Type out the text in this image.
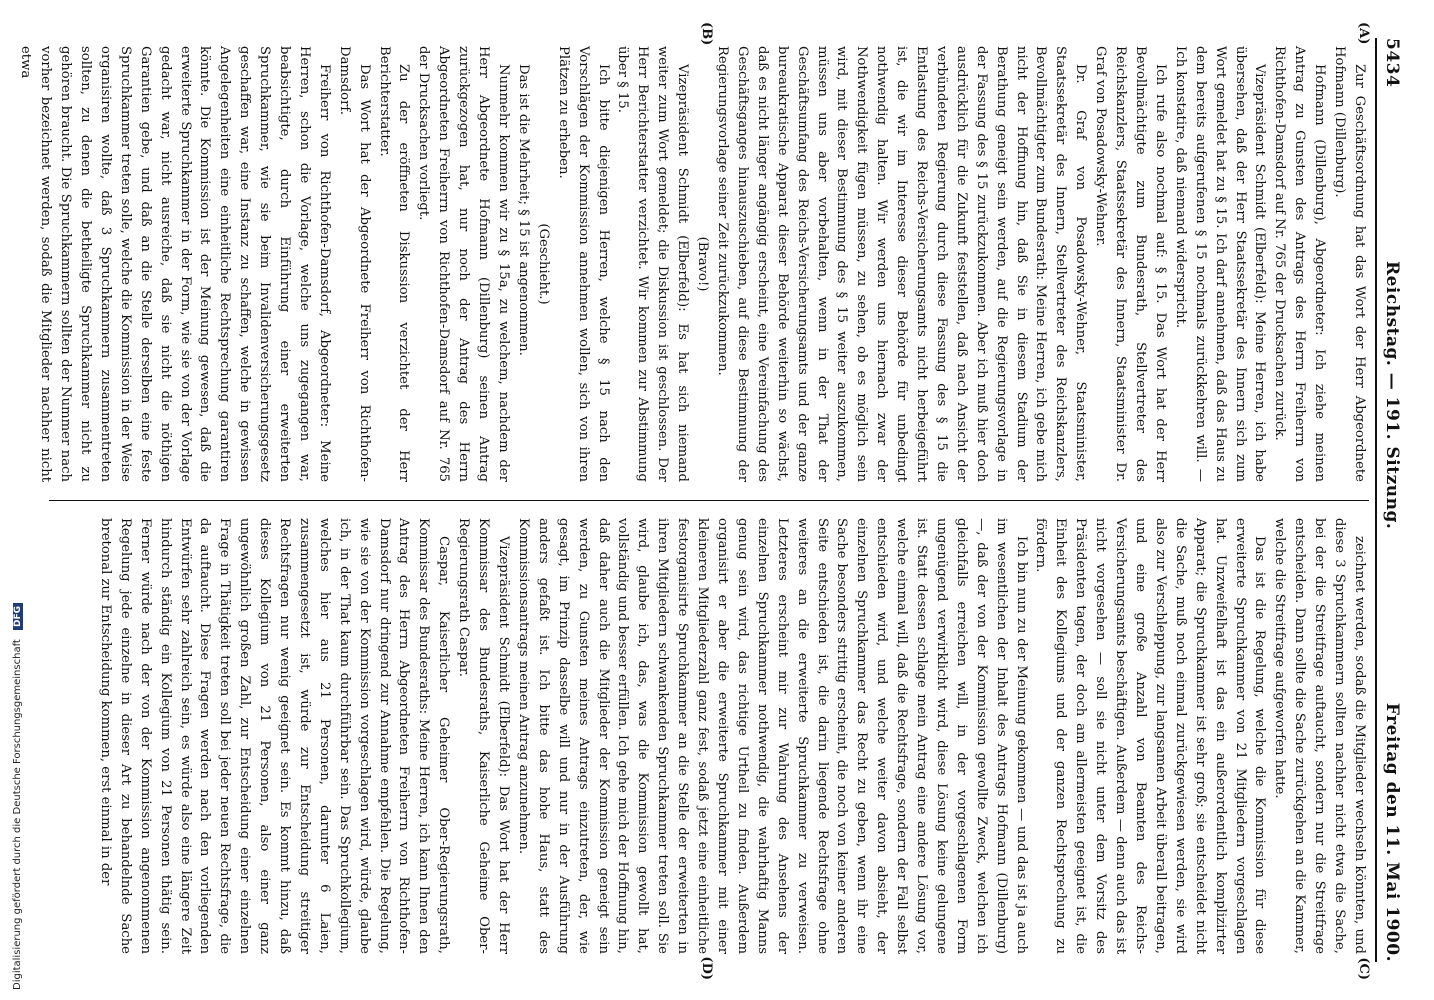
5434
Reichstag. — 191. Sitzung.
Freitag den 11. Mai 1900.

Zur Geschäftsordnung hat das Wort der Herr Abgeordnete Hofmann (Dillenburg).

Hofmann (Dillenburg), Abgeordneter: Ich ziehe meinen Antrag zu Gunsten des Antrags des Herrn Freiherrn von Richthofen-Damsdorf auf Nr. 765 der Drucksachen zurück.

Vizepräsident Schmidt (Elberfeld): Meine Herren, ich habe übersehen, daß der Herr Staatssekretär des Innern sich zum Wort gemeldet hat zu § 15. Ich darf annehmen, daß das Haus zu dem bereits aufgerufenen § 15 nochmals zurückkehren will. — Ich konstatire, daß niemand widerspricht.

Ich rufe also nochmal auf: § 15. Das Wort hat der Herr Bevollmächtigte zum Bundesrath, Stellvertreter des Reichskanzlers, Staatssekretär des Innern, Staatsminister Dr. Graf von Posadowsky-Wehner.

Dr. Graf von Posadowsky-Wehner, Staatsminister, Staatssekretär des Innern, Stellvertreter des Reichskanzlers, Bevollmächtigter zum Bundesrath: Meine Herren, ich gebe mich nicht der Hoffnung hin, daß Sie in diesem Stadium der Berathung geneigt sein werden, auf die Regierungsvorlage in der Fassung des § 15 zurückzukommen. Aber ich muß hier doch ausdrücklich für die Zukunft feststellen, daß nach Ansicht der verbündeten Regierung durch diese Fassung des § 15 die Entlastung des Reichs-Versicherungsamts nicht herbeigeführt ist, die wir im Interesse dieser Behörde für unbedingt nothwendig halten. Wir werden uns hiernach zwar der Nothwendigkeit fügen müssen, zu sehen, ob es möglich sein wird, mit dieser Bestimmung des § 15 weiter auszukommen, müssen uns aber vorbehalten, wenn in der That der Geschäftsumfang des Reichs-Versicherungsamts und der ganze bureaukratische Apparat dieser Behörde weiterhin so wächst, daß es nicht länger angängig erscheint, eine Vereinfachung des Geschäftsganges hinauszuschieben, auf diese Bestimmung der Regierungsvorlage seiner Zeit zurückzukommen.

(Bravo!)

Vizepräsident Schmidt (Elberfeld): Es hat sich niemand weiter zum Wort gemeldet; die Diskussion ist geschlossen. Der Herr Berichterstatter verzichtet. Wir kommen zur Abstimmung über § 15.

Ich bitte diejenigen Herren, welche § 15 nach den Vorschlägen der Kommission annehmen wollen, sich von ihren Plätzen zu erheben.

(Geschieht.)

Das ist die Mehrheit; § 15 ist angenommen.

Nunmehr kommen wir zu § 15a, zu welchem, nachdem der Herr Abgeordnete Hofmann (Dillenburg) seinen Antrag zurückgezogen hat, nur noch der Antrag des Herrn Abgeordneten Freiherrn von Richthofen-Damsdorf auf Nr. 765 der Drucksachen vorliegt.

Zu der eröffneten Diskussion verzichtet der Herr Berichterstatter.

Das Wort hat der Abgeordnete Freiherr von Richthofen-Damsdorf.

Freiherr von Richthofen-Damsdorf, Abgeordneter: Meine Herren, schon die Vorlage, welche uns zugegangen war, beabsichtigte, durch Einführung einer erweiterten Spruchkammer, wie sie beim Invalidenversicherungsgesetz geschaffen war, eine Instanz zu schaffen, welche in gewissen Angelegenheiten eine einheitliche Rechtsprechung garantiren könnte. Die Kommission ist der Meinung gewesen, daß die erweiterte Spruchkammer in der Form, wie sie von der Vorlage gedacht war, nicht ausreiche, daß sie nicht die nöthigen Garantien gebe, und daß an die Stelle derselben eine feste Spruchkammer treten solle, welche die Kommission in der Weise organisiren wollte, daß 3 Spruchkammern zusammentreten sollten, zu denen die betheiligte Spruchkammer nicht zu gehören braucht. Die Spruchkammern sollten der Nummer nach vorher bezeichnet werden, sodaß die Mitglieder nachher nicht etwa

zeichnet werden, sodaß die Mitglieder wechseln könnten, und diese 3 Spruchkammern sollten nachher nicht etwa die Sache, bei der die Streitfrage auftaucht, sondern nur die Streitfrage entscheiden. Dann sollte die Sache zurückgehen an die Kammer, welche die Streitfrage aufgeworfen hatte.

Das ist die Regelung, welche die Kommission für diese erweiterte Spruchkammer von 21 Mitgliedern vorgeschlagen hat. Unzweifelhaft ist das ein außerordentlich komplizirter Apparat; die Spruchkammer ist sehr groß; sie entscheidet nicht die Sache, muß noch einmal zurückgewiesen werden, sie wird also zur Verschleppung, zur langsamen Arbeit überall beitragen, und eine große Anzahl von Beamten des Reichs-Versicherungsamts beschäftigen. Außerdem — denn auch das ist nicht vorgesehen — soll sie nicht unter dem Vorsitz des Präsidenten tagen, der doch am allermeisten geeignet ist, die Einheit des Kollegiums und der ganzen Rechtsprechung zu fördern.

Ich bin nun zu der Meinung gekommen — und das ist ja auch im wesentlichen der Inhalt des Antrags Hofmann (Dillenburg) —, daß der von der Kommission gewollte Zweck, welchen ich gleichfalls erreichen will, in der vorgeschlagenen Form ungenügend verwirklicht wird, diese Lösung keine gelungene ist. Statt dessen schlage mein Antrag eine andere Lösung vor, welche einmal will, daß die Rechtsfrage, sondern der Fall selbst entschieden wird, und welche weiter davon absieht, der einzelnen Spruchkammer das Recht zu geben, wenn ihr eine Sache besonders strittig erscheint, die noch von keiner anderen Seite entschieden ist, die darin liegende Rechtsfrage ohne weiteres an die erweiterte Spruchkammer zu verweisen. Letzteres erscheint mir zur Wahrung des Ansehens der einzelnen Spruchkammer nothwendig, die wahrhaftig Manns genug sein wird, das richtige Urtheil zu finden. Außerdem organisirt er aber die erweiterte Spruchkammer mit einer kleineren Mitgliederzahl ganz fest, sodaß jetzt eine einheitliche festorganisirte Spruchkammer an die Stelle der erweiterten in ihren Mitgliedern schwankenden Spruchkammer treten soll. Sie wird, glaube ich, das, was die Kommission gewollt hat, vollständig und besser erfüllen. Ich gehe mich der Hoffnung hin, daß daher auch die Mitglieder der Kommission geneigt sein werden, zu Gunsten meines Antrags einzutreten, der, wie gesagt, im Prinzip dasselbe will und nur in der Ausführung anders gefaßt ist. Ich bitte das hohe Haus, statt des Kommissionsantrags meinen Antrag anzunehmen.

Vizepräsident Schmidt (Elberfeld): Das Wort hat der Herr Kommissar des Bundesraths, Kaiserliche Geheime Ober-Regierungsrath Caspar.

Caspar, Kaiserlicher Geheimer Ober-Regierungsrath, Kommissar des Bundesraths: Meine Herren, ich kann Ihnen den Antrag des Herrn Abgeordneten Freiherrn von Richthofen-Damsdorf nur dringend zur Annahme empfehlen. Die Regelung, wie sie von der Kommission vorgeschlagen wird, würde, glaube ich, in der That kaum durchführbar sein. Das Spruchkollegium, welches hier aus 21 Personen, darunter 6 Laien, zusammengesetzt ist, würde zur Entscheidung streitiger Rechtsfragen nur wenig geeignet sein. Es kommt hinzu, daß dieses Kollegium von 21 Personen, also einer ganz ungewöhnlich großen Zahl, zur Entscheidung einer einzelnen Frage in Thätigkeit treten soll bei jeder neuen Rechtsfrage, die da auftaucht. Diese Fragen werden nach den vorliegenden Entwürfen sehr zahlreich sein, es würde also eine längere Zeit hindurch ständig ein Kollegium von 21 Personen thätig sein. Ferner würde nach der von der Kommission angenommenen Regelung jede einzelne in dieser Art zu behandelnde Sache bretonal zur Entscheidung kommen, erst einmal in der

(A)
(B)
(C)
(D)
Digitalisierung gefördert durch die Deutsche Forschungsgemeinschaft DFG
